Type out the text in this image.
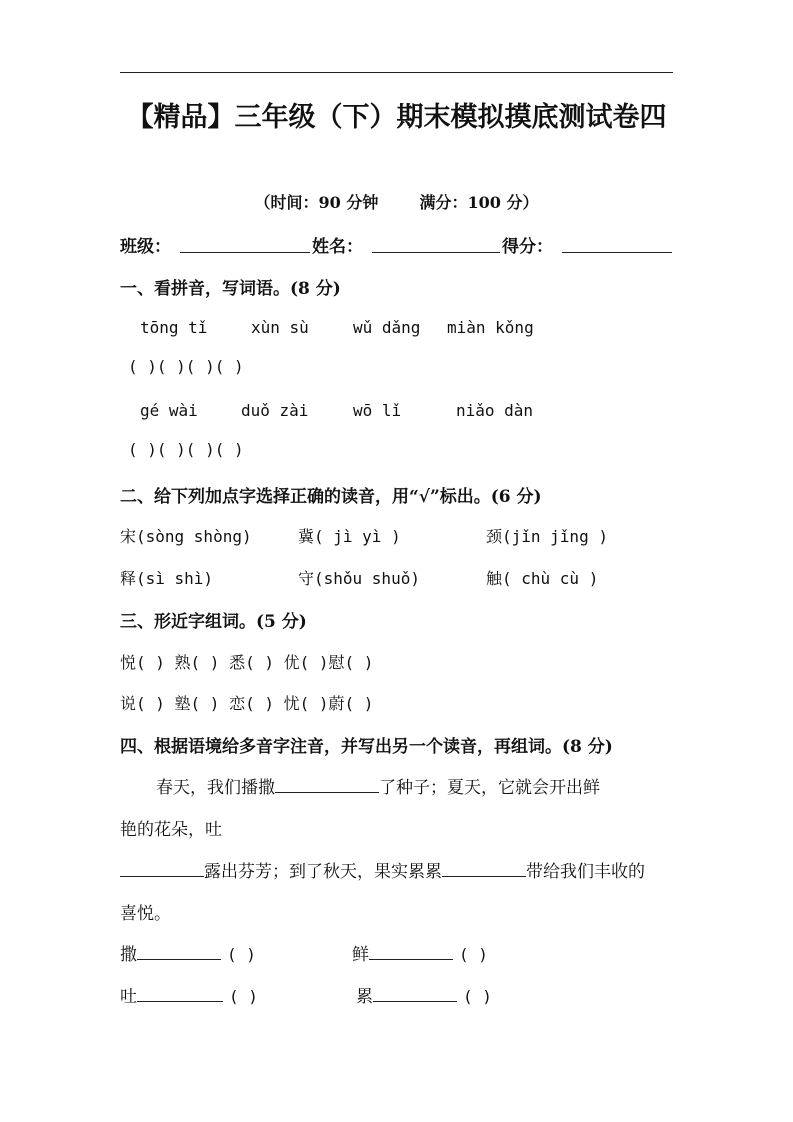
【精品】三年级（下）期末模拟摸底测试卷四
（时间：90 分钟	满分：100 分）
班级：	姓名：	得分：
一、看拼音，写词语。(8 分)
tōng tǐ	xùn sù	wǔ dǎng miàn kǒng
( )( )( )( )
gé wài	duǒ zài	wō lǐ	niǎo dàn
( )( )( )( )
二、给下列加点字选择正确的读音，用“√”标出。(6 分)
宋(sòng shòng)	冀( jì yì )	颈(jǐn jǐng )
释(sì shì)	守(shǒu shuǒ)	触( chù cù )
三、形近字组词。(5 分)
悦( ) 熟( ) 悉( ) 优( )慰( )
说( ) 塾( ) 恋( ) 忧( )蔚( )
四、根据语境给多音字注音，并写出另一个读音，再组词。(8 分)
春天，我们播撒	了种子；夏天，它就会开出鲜
艳的花朵，吐
露出芬芳；到了秋天，果实累累	带给我们丰收的
喜悦。
撒	( )	鲜	( )
吐	( )	累	( )
